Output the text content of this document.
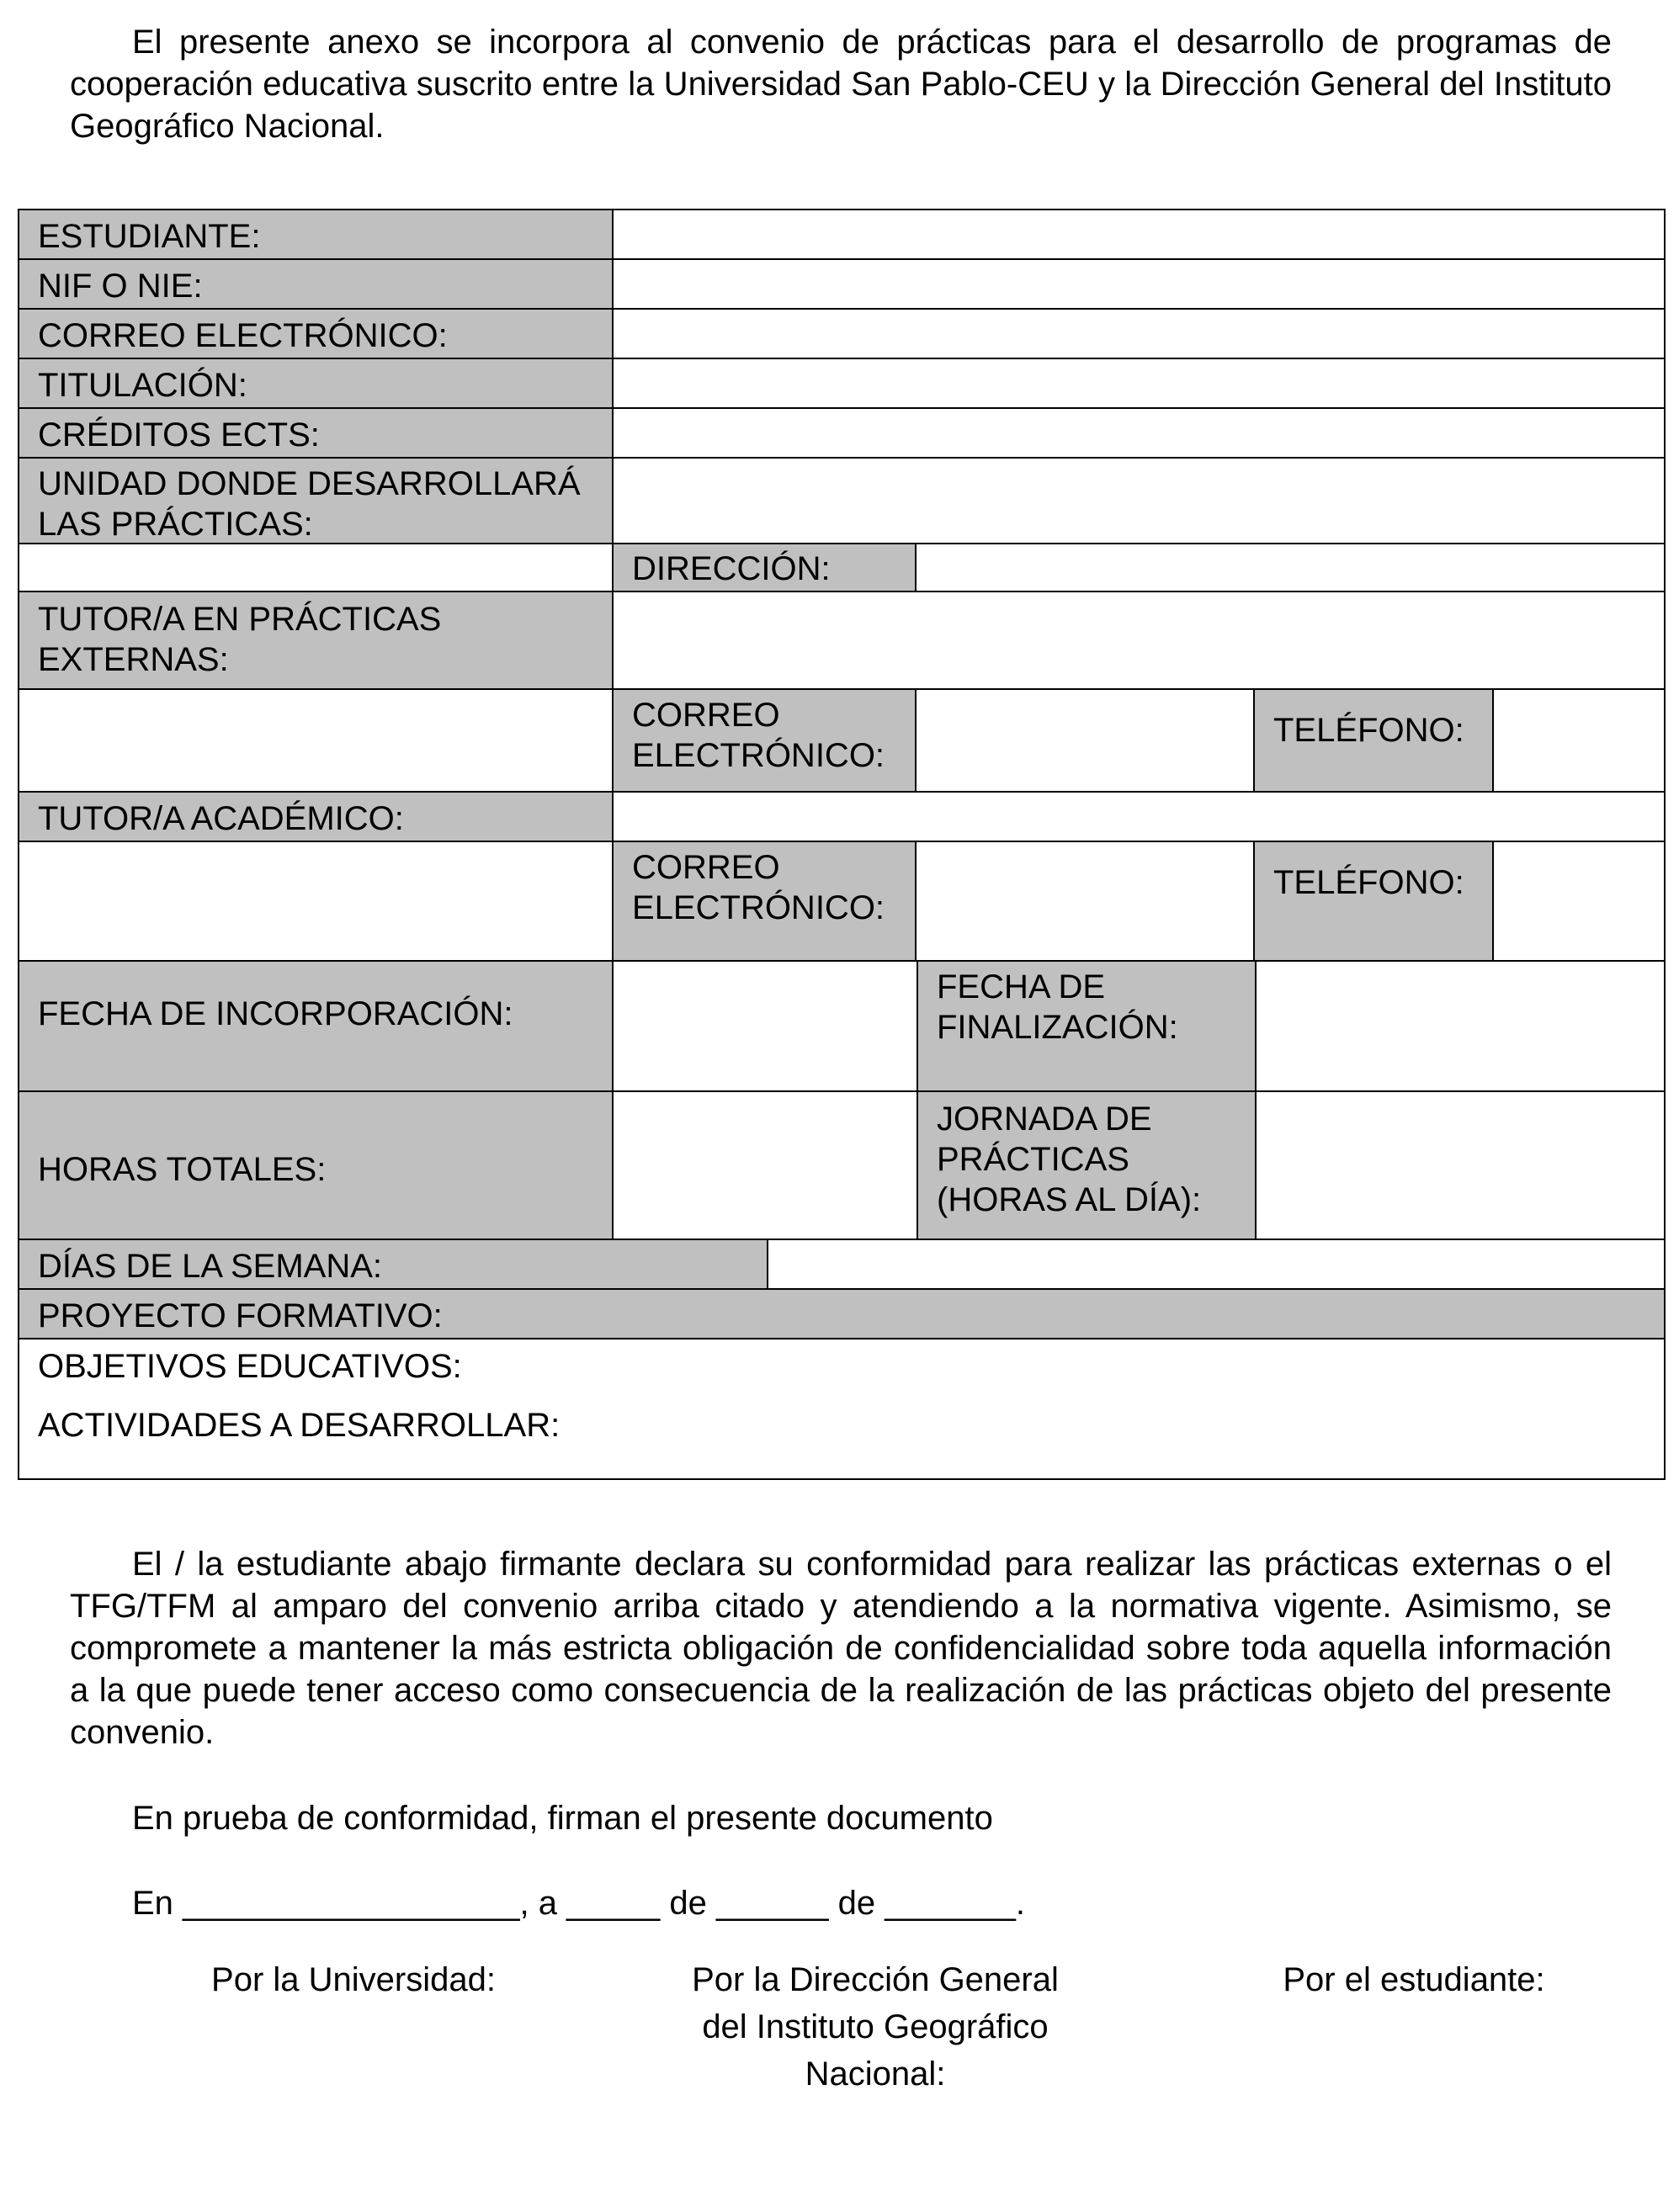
El presente anexo se incorpora al convenio de prácticas para el desarrollo de programas de cooperación educativa suscrito entre la Universidad San Pablo-CEU y la Dirección General del Instituto Geográfico Nacional.

ESTUDIANTE:
NIF O NIE:
CORREO ELECTRÓNICO:
TITULACIÓN:
CRÉDITOS ECTS:
UNIDAD DONDE DESARROLLARÁ
LAS PRÁCTICAS:
DIRECCIÓN:
TUTOR/A EN PRÁCTICAS
EXTERNAS:
CORREO
ELECTRÓNICO:
TELÉFONO:
TUTOR/A ACADÉMICO:
CORREO
ELECTRÓNICO:
TELÉFONO:
FECHA DE INCORPORACIÓN:
FECHA DE
FINALIZACIÓN:
HORAS TOTALES:
JORNADA DE
PRÁCTICAS
(HORAS AL DÍA):
DÍAS DE LA SEMANA:
PROYECTO FORMATIVO:
OBJETIVOS EDUCATIVOS:
ACTIVIDADES A DESARROLLAR:

El / la estudiante abajo firmante declara su conformidad para realizar las prácticas externas o el TFG/TFM al amparo del convenio arriba citado y atendiendo a la normativa vigente. Asimismo, se compromete a mantener la más estricta obligación de confidencialidad sobre toda aquella información a la que puede tener acceso como consecuencia de la realización de las prácticas objeto del presente convenio.

En prueba de conformidad, firman el presente documento

En __________________, a _____ de ______ de _______.

Por la Universidad:	Por la Dirección General
del Instituto Geográfico
Nacional:
Por el estudiante:
